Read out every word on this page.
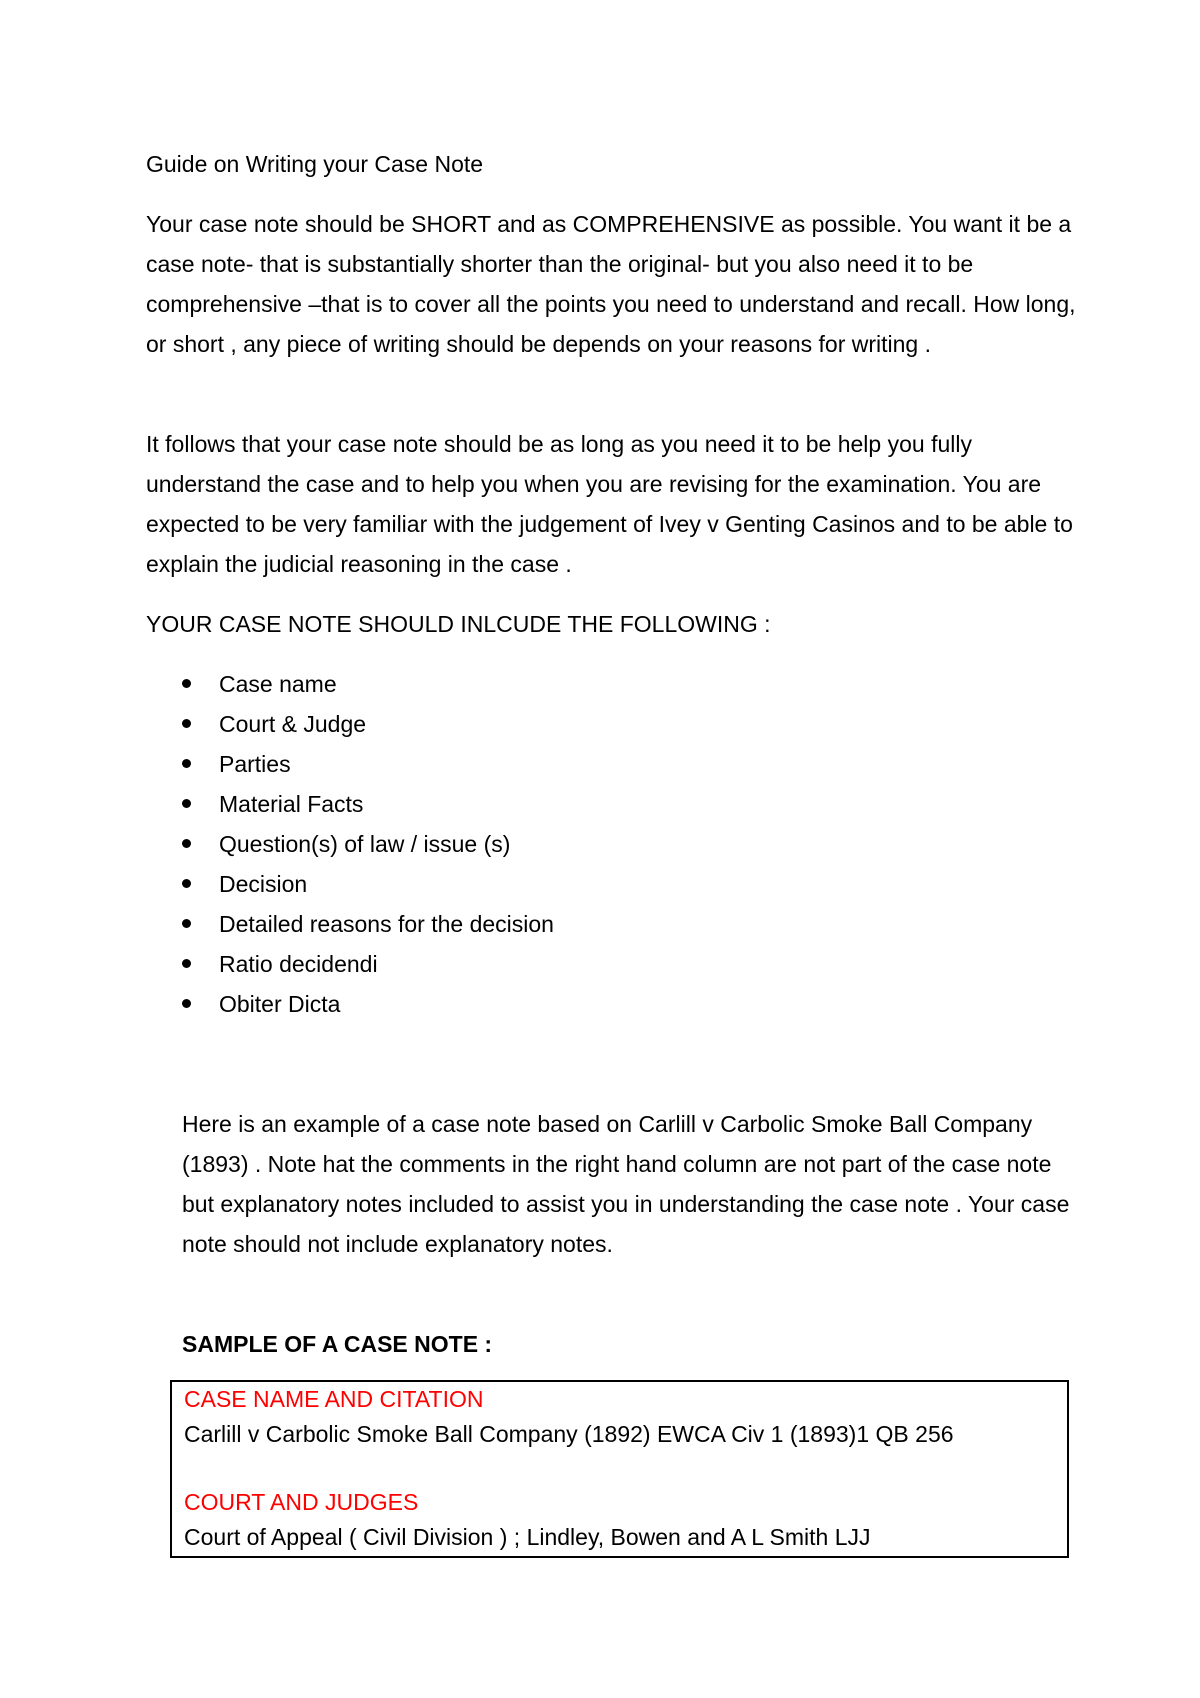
Guide on Writing your Case Note

Your case note should be SHORT and as COMPREHENSIVE as possible. You want it be a case note- that is substantially shorter than the original- but you also need it to be comprehensive –that is to cover all the points you need to understand and recall. How long, or short , any piece of writing should be depends on your reasons for writing .

It follows that your case note should be as long as you need it to be help you fully understand the case and to help you when you are revising for the examination. You are expected to be very familiar with the judgement of Ivey v Genting Casinos and to be able to explain the judicial reasoning in the case .

YOUR CASE NOTE SHOULD INLCUDE THE FOLLOWING :

Case name
Court & Judge
Parties
Material Facts
Question(s) of law / issue (s)
Decision
Detailed reasons for the decision
Ratio decidendi
Obiter Dicta

Here is an example of a case note based on Carlill v Carbolic Smoke Ball Company (1893) . Note hat the comments in the right hand column are not part of the case note but explanatory notes included to assist you in understanding the case note . Your case note should not include explanatory notes.

SAMPLE OF A CASE NOTE :

CASE NAME AND CITATION
Carlill v Carbolic Smoke Ball Company (1892) EWCA Civ 1 (1893)1 QB 256
COURT AND JUDGES
Court of Appeal ( Civil Division ) ; Lindley, Bowen and A L Smith LJJ
